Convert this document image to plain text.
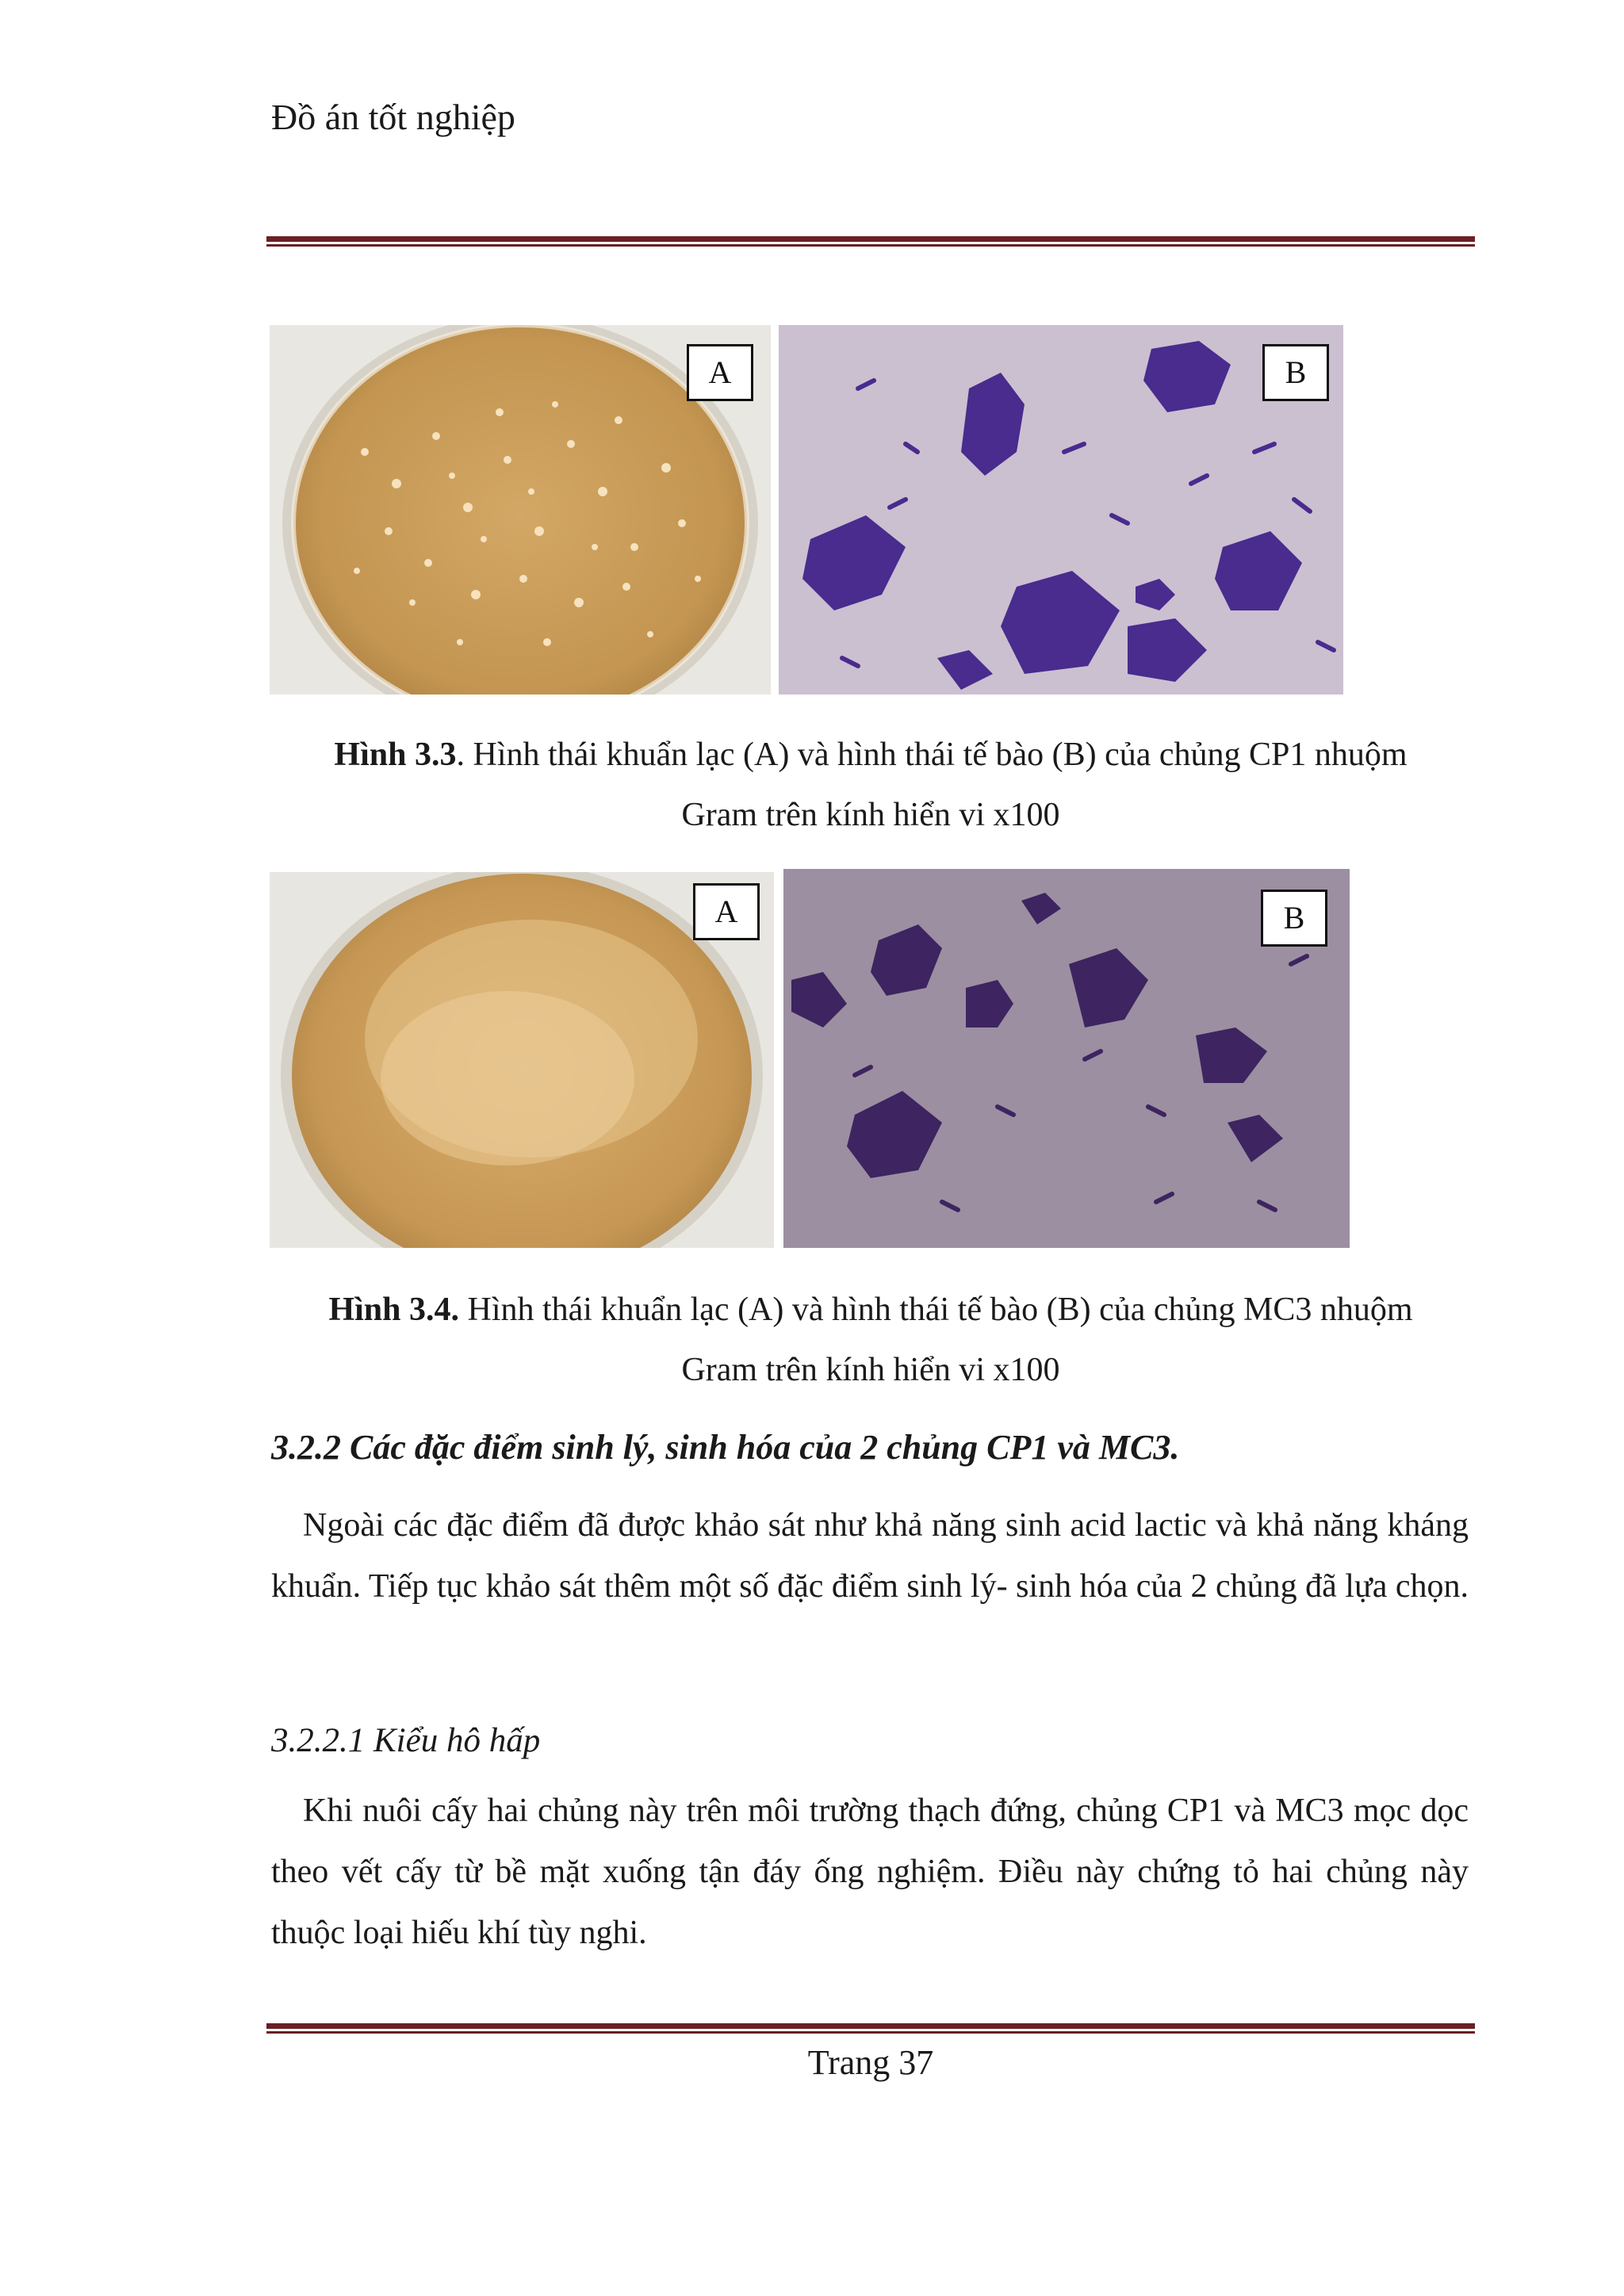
Đồ án tốt nghiệp
A	B
Hình 3.3. Hình thái khuẩn lạc (A) và hình thái tế bào (B) của chủng CP1 nhuộm
Gram trên kính hiển vi x100
A	B
Hình 3.4. Hình thái khuẩn lạc (A) và hình thái tế bào (B) của chủng MC3 nhuộm
Gram trên kính hiển vi x100
3.2.2 Các đặc điểm sinh lý, sinh hóa của 2 chủng CP1 và MC3.
Ngoài các đặc điểm đã được khảo sát như khả năng sinh acid lactic và khả năng kháng khuẩn. Tiếp tục khảo sát thêm một số đặc điểm sinh lý- sinh hóa của 2 chủng đã lựa chọn.
3.2.2.1 Kiểu hô hấp
Khi nuôi cấy hai chủng này trên môi trường thạch đứng, chủng CP1 và MC3 mọc dọc theo vết cấy từ bề mặt xuống tận đáy ống nghiệm. Điều này chứng tỏ hai chủng này thuộc loại hiếu khí tùy nghi.
Trang 37
